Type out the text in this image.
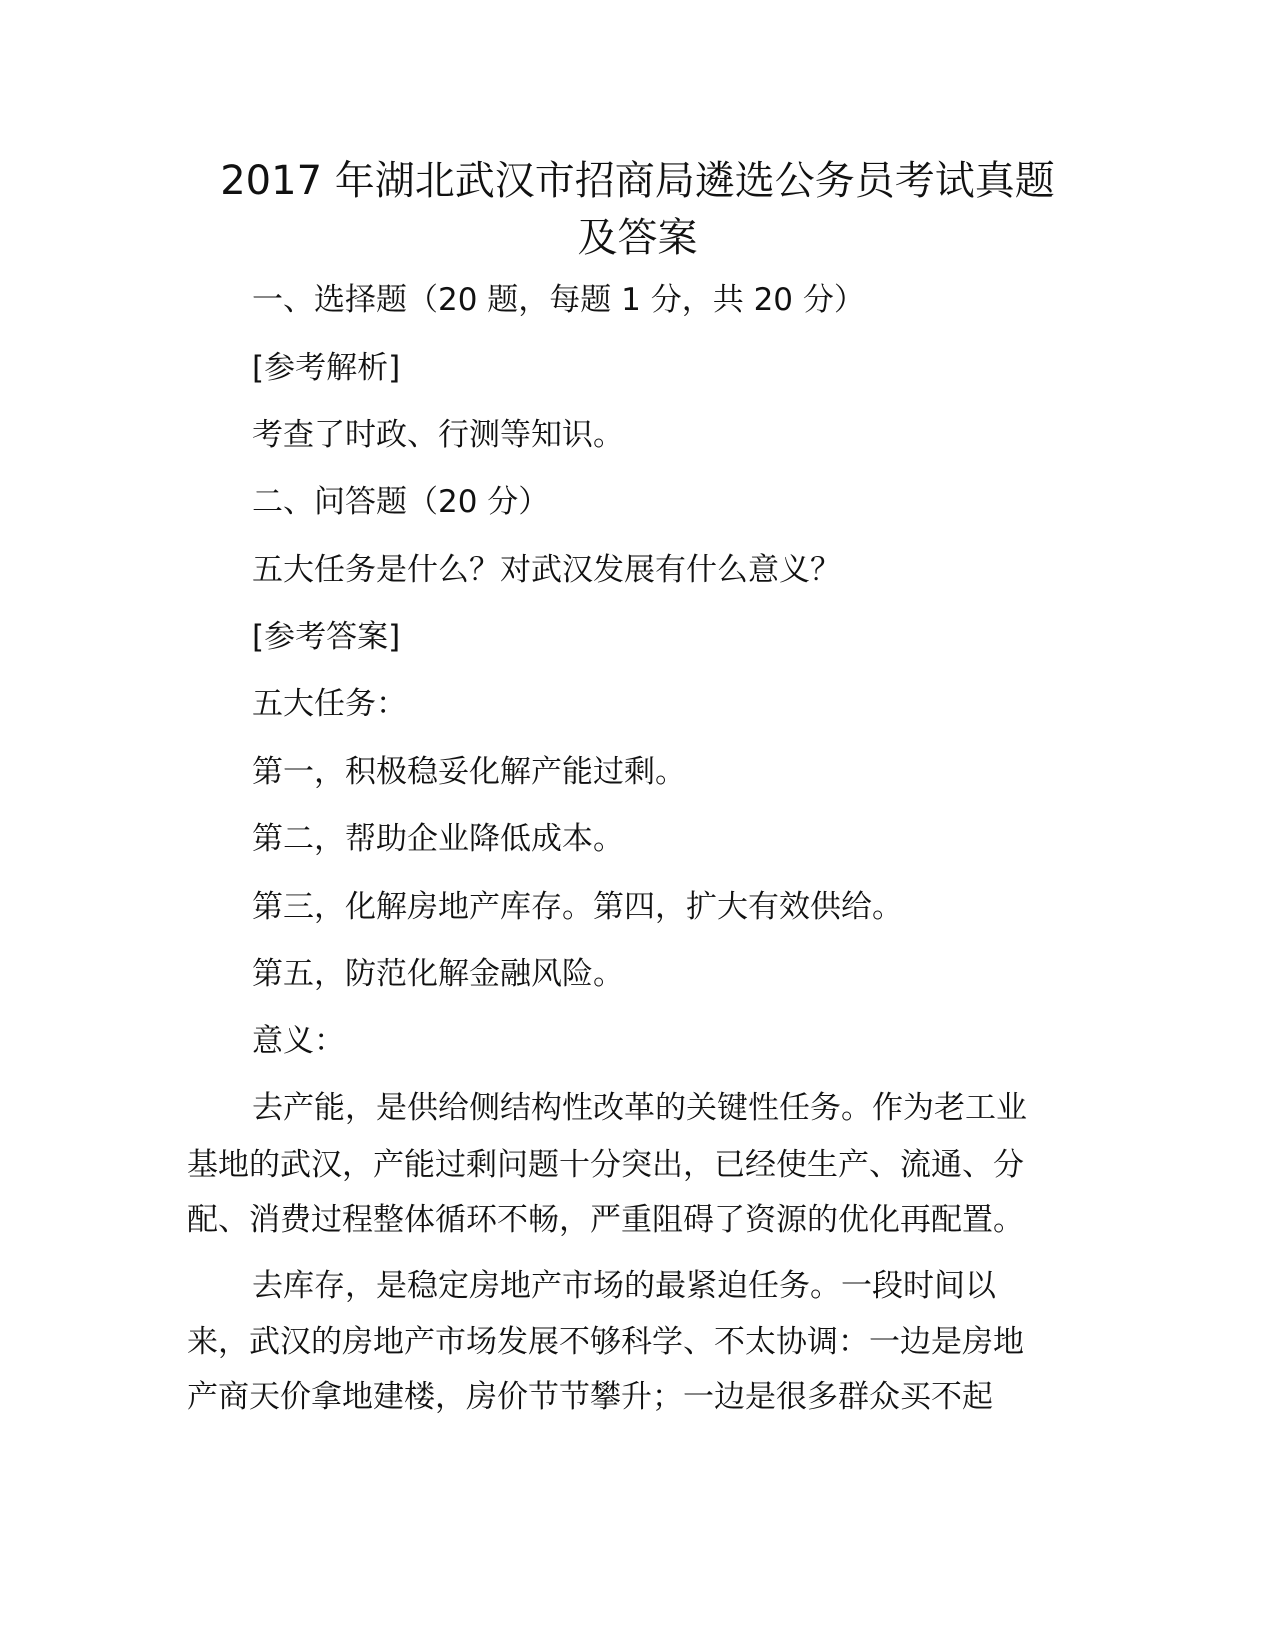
2017 年湖北武汉市招商局遴选公务员考试真题
及答案

一、选择题（20 题，每题 1 分，共 20 分）

[参考解析]

考查了时政、行测等知识。

二、问答题（20 分）

五大任务是什么？对武汉发展有什么意义？

[参考答案]

五大任务：

第一，积极稳妥化解产能过剩。

第二，帮助企业降低成本。

第三，化解房地产库存。第四，扩大有效供给。

第五，防范化解金融风险。

意义：

去产能，是供给侧结构性改革的关键性任务。作为老工业

基地的武汉，产能过剩问题十分突出，已经使生产、流通、分

配、消费过程整体循环不畅，严重阻碍了资源的优化再配置。

去库存，是稳定房地产市场的最紧迫任务。一段时间以

来，武汉的房地产市场发展不够科学、不太协调：一边是房地

产商天价拿地建楼，房价节节攀升；一边是很多群众买不起
